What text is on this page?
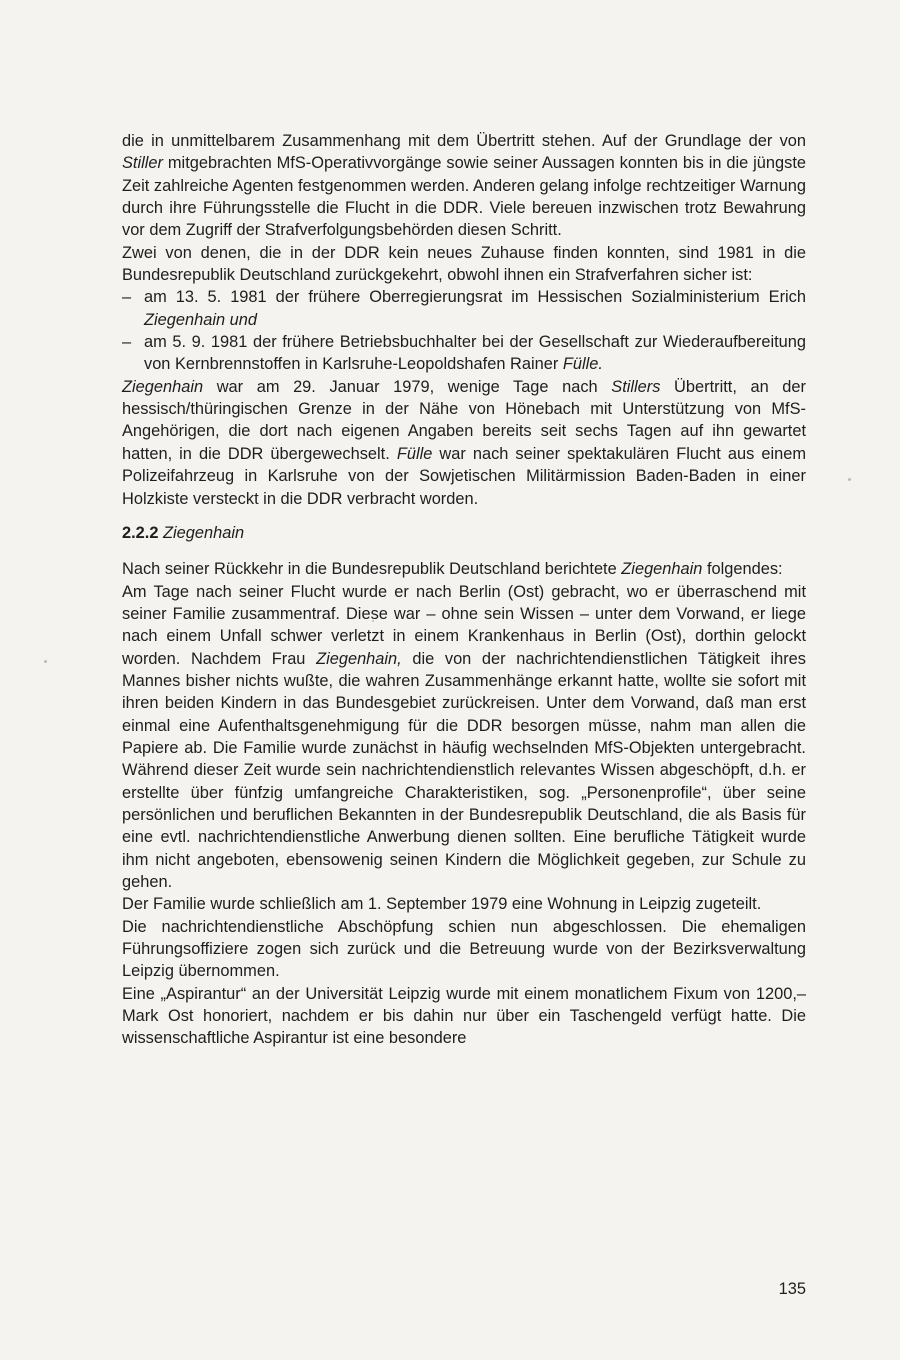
die in unmittelbarem Zusammenhang mit dem Übertritt stehen. Auf der Grundlage der von Stiller mitgebrachten MfS-Operativvorgänge sowie seiner Aussagen konnten bis in die jüngste Zeit zahlreiche Agenten festgenommen werden. Anderen gelang infolge rechtzeitiger Warnung durch ihre Führungsstelle die Flucht in die DDR. Viele bereuen inzwischen trotz Bewahrung vor dem Zugriff der Strafverfolgungsbehörden diesen Schritt.

Zwei von denen, die in der DDR kein neues Zuhause finden konnten, sind 1981 in die Bundesrepublik Deutschland zurückgekehrt, obwohl ihnen ein Strafverfahren sicher ist:

– am 13. 5. 1981 der frühere Oberregierungsrat im Hessischen Sozialministerium Erich Ziegenhain und
– am 5. 9. 1981 der frühere Betriebsbuchhalter bei der Gesellschaft zur Wiederaufbereitung von Kernbrennstoffen in Karlsruhe-Leopoldshafen Rainer Fülle.

Ziegenhain war am 29. Januar 1979, wenige Tage nach Stillers Übertritt, an der hessisch/thüringischen Grenze in der Nähe von Hönebach mit Unterstützung von MfS-Angehörigen, die dort nach eigenen Angaben bereits seit sechs Tagen auf ihn gewartet hatten, in die DDR übergewechselt. Fülle war nach seiner spektakulären Flucht aus einem Polizeifahrzeug in Karlsruhe von der Sowjetischen Militärmission Baden-Baden in einer Holzkiste versteckt in die DDR verbracht worden.

2.2.2 Ziegenhain

Nach seiner Rückkehr in die Bundesrepublik Deutschland berichtete Ziegenhain folgendes:

Am Tage nach seiner Flucht wurde er nach Berlin (Ost) gebracht, wo er überraschend mit seiner Familie zusammentraf. Diese war – ohne sein Wissen – unter dem Vorwand, er liege nach einem Unfall schwer verletzt in einem Krankenhaus in Berlin (Ost), dorthin gelockt worden. Nachdem Frau Ziegenhain, die von der nachrichtendienstlichen Tätigkeit ihres Mannes bisher nichts wußte, die wahren Zusammenhänge erkannt hatte, wollte sie sofort mit ihren beiden Kindern in das Bundesgebiet zurückreisen. Unter dem Vorwand, daß man erst einmal eine Aufenthaltsgenehmigung für die DDR besorgen müsse, nahm man allen die Papiere ab. Die Familie wurde zunächst in häufig wechselnden MfS-Objekten untergebracht. Während dieser Zeit wurde sein nachrichtendienstlich relevantes Wissen abgeschöpft, d.h. er erstellte über fünfzig umfangreiche Charakteristiken, sog. „Personenprofile“, über seine persönlichen und beruflichen Bekannten in der Bundesrepublik Deutschland, die als Basis für eine evtl. nachrichtendienstliche Anwerbung dienen sollten. Eine berufliche Tätigkeit wurde ihm nicht angeboten, ebensowenig seinen Kindern die Möglichkeit gegeben, zur Schule zu gehen.

Der Familie wurde schließlich am 1. September 1979 eine Wohnung in Leipzig zugeteilt.

Die nachrichtendienstliche Abschöpfung schien nun abgeschlossen. Die ehemaligen Führungsoffiziere zogen sich zurück und die Betreuung wurde von der Bezirksverwaltung Leipzig übernommen.

Eine „Aspirantur“ an der Universität Leipzig wurde mit einem monatlichem Fixum von 1200,– Mark Ost honoriert, nachdem er bis dahin nur über ein Taschengeld verfügt hatte. Die wissenschaftliche Aspirantur ist eine besondere

135
